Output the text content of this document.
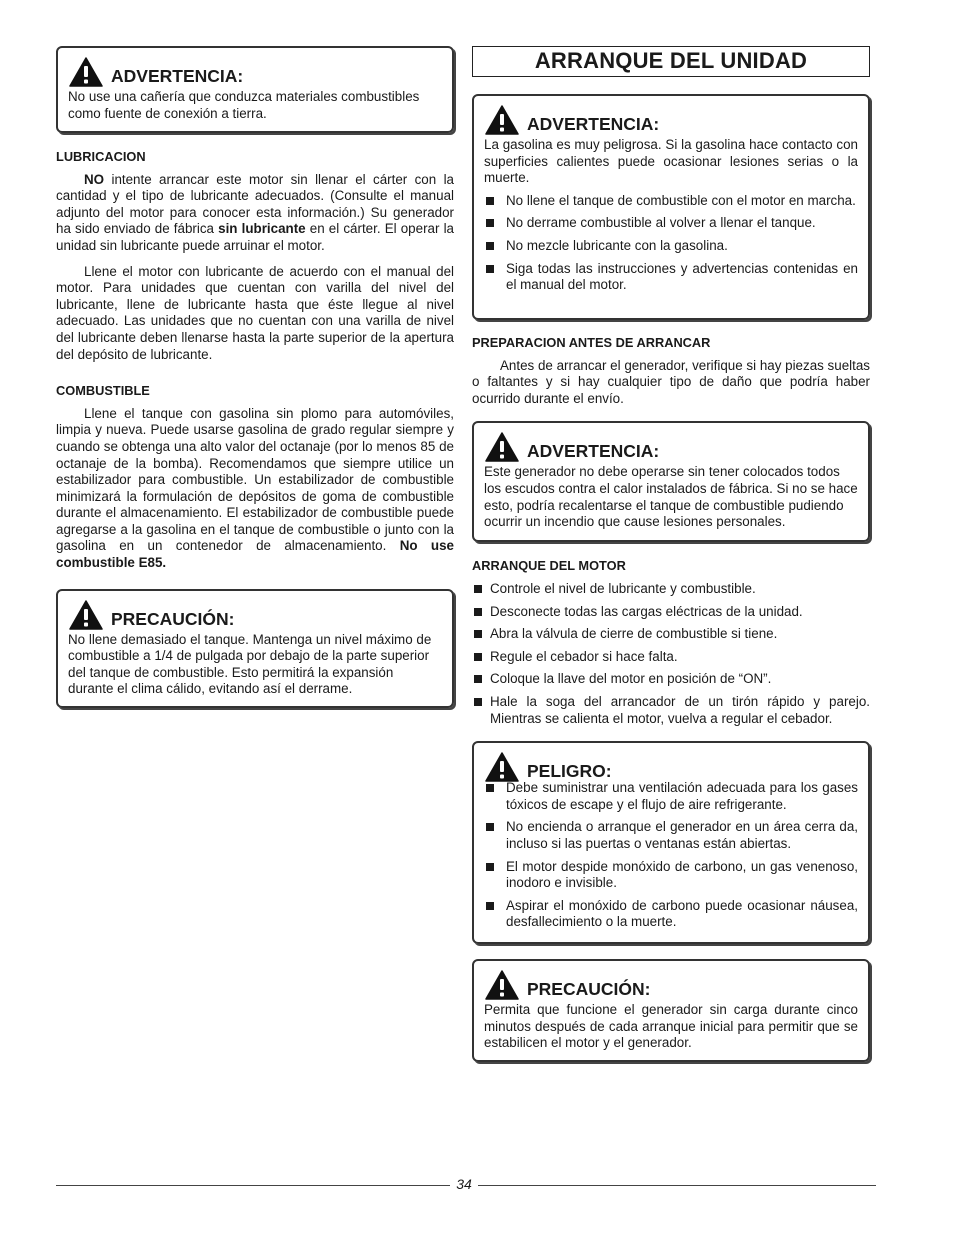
ADVERTENCIA:

No use una cañería que conduzca materiales combustibles como fuente de conexión a tierra.

LUBRICACION

NO intente arrancar este motor sin llenar el cárter con la cantidad y el tipo de lubricante adecuados. (Consulte el manual adjunto del motor para conocer esta información.) Su generador ha sido enviado de fábrica sin lubricante en el cárter. El operar la unidad sin lubricante puede arruinar el motor.

Llene el motor con lubricante de acuerdo con el manual del motor. Para unidades que cuentan con varilla del nivel del lubricante, llene de lubricante hasta que éste llegue al nivel adecuado. Las unidades que no cuentan con una varilla de nivel del lubricante deben llenarse hasta la parte superior de la apertura del depósito de lubricante.

COMBUSTIBLE

Llene el tanque con gasolina sin plomo para automóviles, limpia y nueva. Puede usarse gasolina de grado regular siempre y cuando se obtenga una alto valor del octanaje (por lo menos 85 de octanaje de la bomba). Recomendamos que siempre utilice un estabilizador para combustible. Un estabilizador de combustible minimizará la formulación de depósitos de goma de combustible durante el almacenamiento. El estabilizador de combustible puede agregarse a la gasolina en el tanque de combustible o junto con la gasolina en un contenedor de almacenamiento. No use combustible E85.

PRECAUCIÓN:

No llene demasiado el tanque. Mantenga un nivel máximo de combustible a 1/4 de pulgada por debajo de la parte superior del tanque de combustible. Esto permitirá la expansión durante el clima cálido, evitando así el derrame.

ARRANQUE DEL UNIDAD
ADVERTENCIA:

La gasolina es muy peligrosa. Si la gasolina hace contacto con superficies calientes puede ocasionar lesiones serias o la muerte.

No llene el tanque de combustible con el motor en marcha.
No derrame combustible al volver a llenar el tanque.
No mezcle lubricante con la gasolina.
Siga todas las instrucciones y advertencias contenidas en el manual del motor.
PREPARACION ANTES DE ARRANCAR

Antes de arrancar el generador, verifique si hay piezas sueltas o faltantes y si hay cualquier tipo de daño que podría haber ocurrido durante el envío.

ADVERTENCIA:

Este generador no debe operarse sin tener colocados todos los escudos contra el calor instalados de fábrica. Si no se hace esto, podría recalentarse el tanque de combustible pudiendo ocurrir un incendio que cause lesiones personales.

ARRANQUE DEL MOTOR
Controle el nivel de lubricante y combustible.
Desconecte todas las cargas eléctricas de la unidad.
Abra la válvula de cierre de combustible si tiene.
Regule el cebador si hace falta.
Coloque la llave del motor en posición de “ON”.
Hale la soga del arrancador de un tirón rápido y parejo. Mientras se calienta el motor, vuelva a regular el cebador.
PELIGRO:
Debe suministrar una ventilación adecuada para los gases tóxicos de escape y el flujo de aire refrigerante.
No encienda o arranque el generador en un área cerra da, incluso si las puertas o ventanas están abiertas.
El motor despide monóxido de carbono, un gas venenoso, inodoro e invisible.
Aspirar el monóxido de carbono puede ocasionar náusea, desfallecimiento o la muerte.
PRECAUCIÓN:

Permita que funcione el generador sin carga durante cinco minutos después de cada arranque inicial para permitir que se estabilicen el motor y el generador.

34
